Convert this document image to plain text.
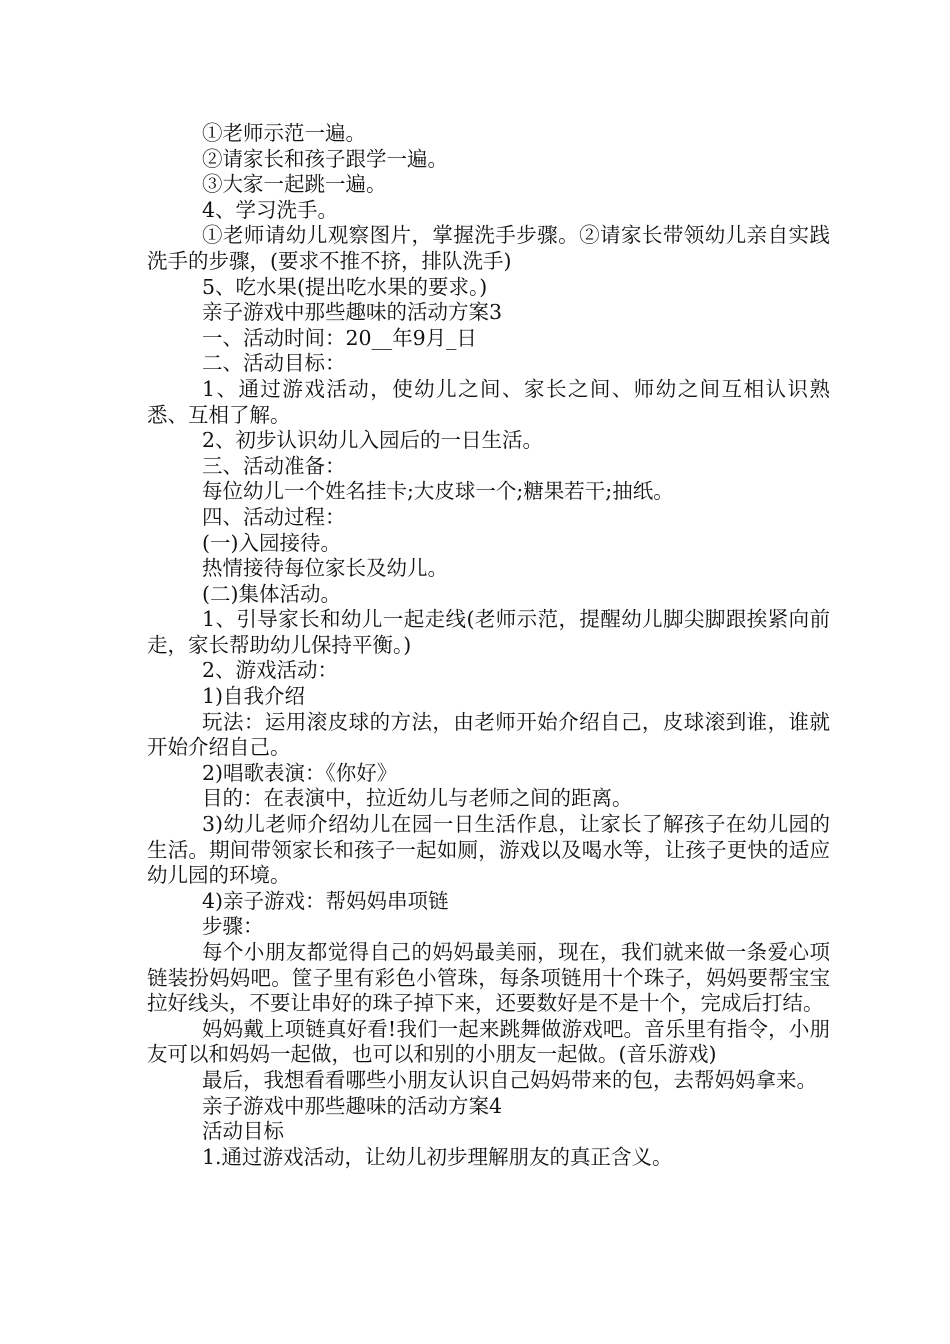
①老师示范一遍。

②请家长和孩子跟学一遍。

③大家一起跳一遍。

4、学习洗手。

①老师请幼儿观察图片，掌握洗手步骤。②请家长带领幼儿亲自实践洗手的步骤，(要求不推不挤，排队洗手)

5、吃水果(提出吃水果的要求。)

亲子游戏中那些趣味的活动方案3

一、活动时间：20__年9月_日

二、活动目标：

1、通过游戏活动，使幼儿之间、家长之间、师幼之间互相认识熟悉、互相了解。

2、初步认识幼儿入园后的一日生活。

三、活动准备：

每位幼儿一个姓名挂卡;大皮球一个;糖果若干;抽纸。

四、活动过程：

(一)入园接待。

热情接待每位家长及幼儿。

(二)集体活动。

1、引导家长和幼儿一起走线(老师示范，提醒幼儿脚尖脚跟挨紧向前走，家长帮助幼儿保持平衡。)

2、游戏活动：

1)自我介绍

玩法：运用滚皮球的方法，由老师开始介绍自己，皮球滚到谁，谁就开始介绍自己。

2)唱歌表演：《你好》

目的：在表演中，拉近幼儿与老师之间的距离。

3)幼儿老师介绍幼儿在园一日生活作息，让家长了解孩子在幼儿园的生活。期间带领家长和孩子一起如厕，游戏以及喝水等，让孩子更快的适应幼儿园的环境。

4)亲子游戏：帮妈妈串项链

步骤：

每个小朋友都觉得自己的妈妈最美丽，现在，我们就来做一条爱心项链装扮妈妈吧。筐子里有彩色小管珠，每条项链用十个珠子，妈妈要帮宝宝拉好线头，不要让串好的珠子掉下来，还要数好是不是十个，完成后打结。

妈妈戴上项链真好看!我们一起来跳舞做游戏吧。音乐里有指令，小朋友可以和妈妈一起做，也可以和别的小朋友一起做。(音乐游戏)

最后，我想看看哪些小朋友认识自己妈妈带来的包，去帮妈妈拿来。

亲子游戏中那些趣味的活动方案4

活动目标

1.通过游戏活动，让幼儿初步理解朋友的真正含义。
